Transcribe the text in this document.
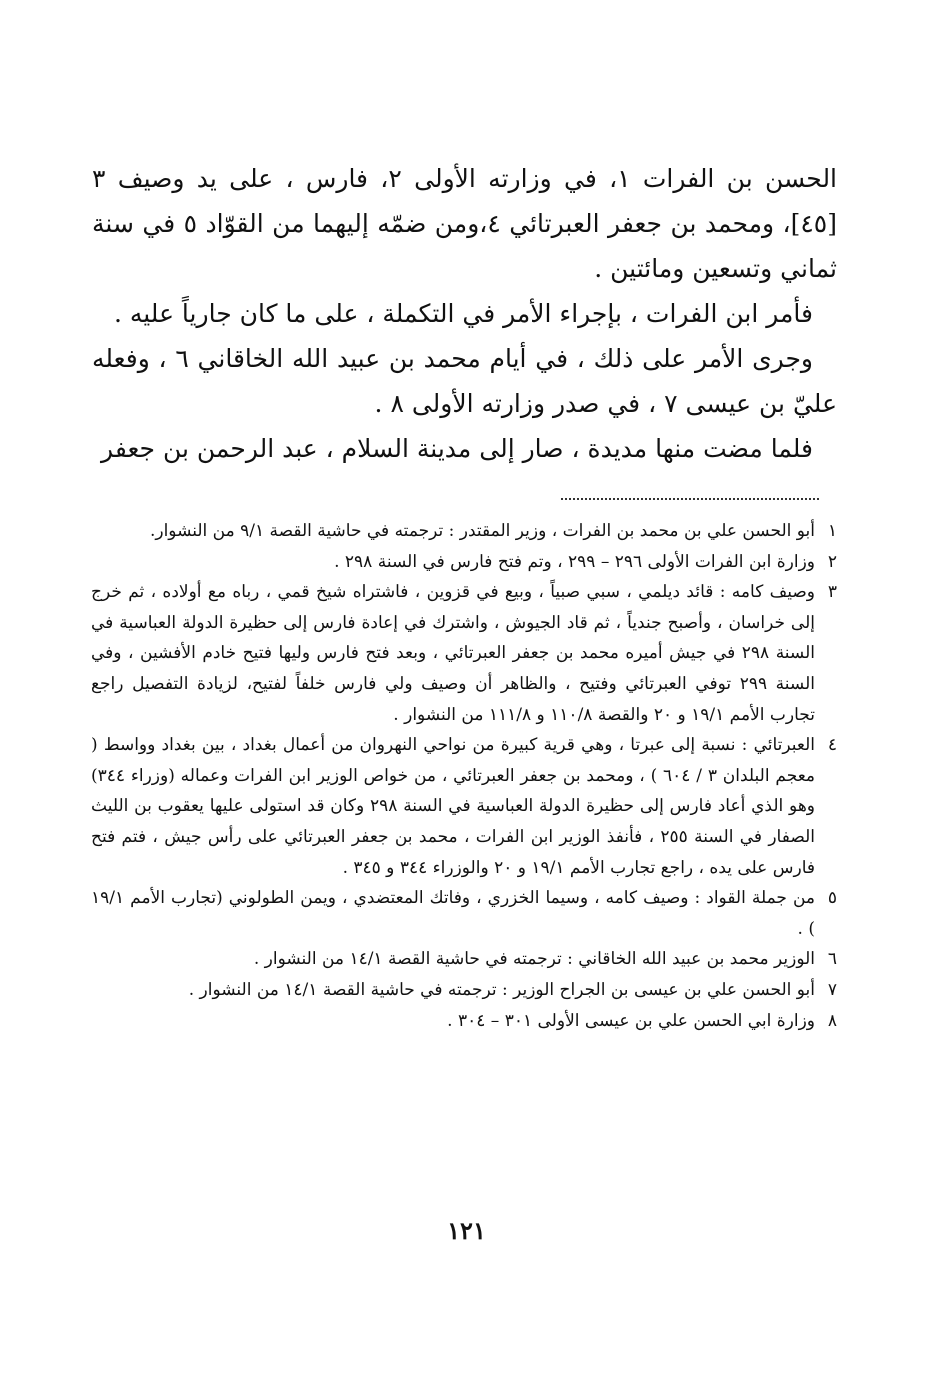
الحسن بن الفرات ١، في وزارته الأولى ٢، فارس ، على يد وصيف ٣ [٤٥]، ومحمد بن جعفر العبرتائي ٤،ومن ضمّه إليهما من القوّاد ٥ في سنة ثماني وتسعين ومائتين .

فأمر ابن الفرات ، بإجراء الأمر في التكملة ، على ما كان جارياً عليه .

وجرى الأمر على ذلك ، في أيام محمد بن عبيد الله الخاقاني ٦ ، وفعله عليّ بن عيسى ٧ ، في صدر وزارته الأولى ٨ .

فلما مضت منها مديدة ، صار إلى مدينة السلام ، عبد الرحمن بن جعفر

١
أبو الحسن علي بن محمد بن الفرات ، وزير المقتدر : ترجمته في حاشية القصة ٩/١ من النشوار.
٢
وزارة ابن الفرات الأولى ٢٩٦ – ٢٩٩ ، وتم فتح فارس في السنة ٢٩٨ .
٣
وصيف كامه : قائد ديلمي ، سبي صبياً ، وبيع في قزوين ، فاشتراه شيخ قمي ، رباه مع أولاده ، ثم خرج إلى خراسان ، وأصبح جندياً ، ثم قاد الجيوش ، واشترك في إعادة فارس إلى حظيرة الدولة العباسية في السنة ٢٩٨ في جيش أميره محمد بن جعفر العبرتائي ، وبعد فتح فارس وليها فتيح خادم الأفشين ، وفي السنة ٢٩٩ توفي العبرتائي وفتيح ، والظاهر أن وصيف ولي فارس خلفاً لفتيح، لزيادة التفصيل راجع تجارب الأمم ١٩/١ و ٢٠ والقصة ١١٠/٨ و ١١١/٨ من النشوار .
٤
العبرتائي : نسبة إلى عبرتا ، وهي قرية كبيرة من نواحي النهروان من أعمال بغداد ، بين بغداد وواسط ( معجم البلدان ٣ / ٦٠٤ ) ، ومحمد بن جعفر العبرتائي ، من خواص الوزير ابن الفرات وعماله (وزراء ٣٤٤) وهو الذي أعاد فارس إلى حظيرة الدولة العباسية في السنة ٢٩٨ وكان قد استولى عليها يعقوب بن الليث الصفار في السنة ٢٥٥ ، فأنفذ الوزير ابن الفرات ، محمد بن جعفر العبرتائي على رأس جيش ، فتم فتح فارس على يده ، راجع تجارب الأمم ١٩/١ و ٢٠ والوزراء ٣٤٤ و ٣٤٥ .
٥
من جملة القواد : وصيف كامه ، وسيما الخزري ، وفاتك المعتضدي ، ويمن الطولوني (تجارب الأمم ١٩/١ ) .
٦
الوزير محمد بن عبيد الله الخاقاني : ترجمته في حاشية القصة ١٤/١ من النشوار .
٧
أبو الحسن علي بن عيسى بن الجراح الوزير : ترجمته في حاشية القصة ١٤/١ من النشوار .
٨
وزارة ابي الحسن علي بن عيسى الأولى ٣٠١ – ٣٠٤ .
١٢١
